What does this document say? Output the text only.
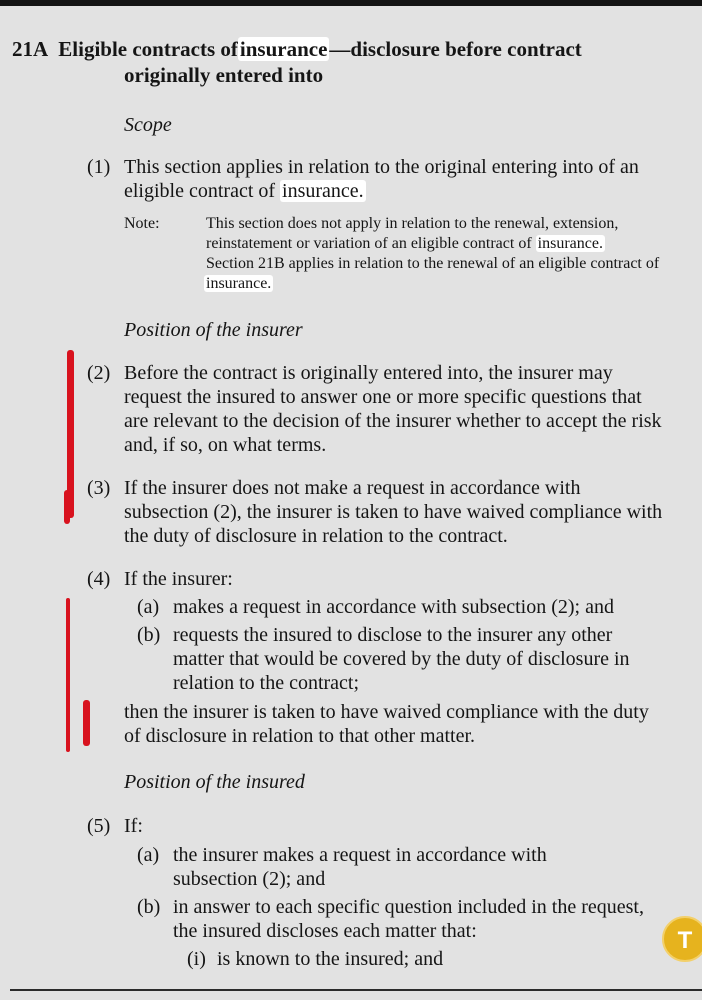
21A Eligible contracts ofinsurance—disclosure before contract
originally entered into
Scope
(1) This section applies in relation to the original entering into of an
eligible contract of insurance.
Note:	This section does not apply in relation to the renewal, extension,
reinstatement or variation of an eligible contract of insurance.
Section 21B applies in relation to the renewal of an eligible contract of
insurance.
Position of the insurer
(2) Before the contract is originally entered into, the insurer may
request the insured to answer one or more specific questions that
are relevant to the decision of the insurer whether to accept the risk
and, if so, on what terms.
(3) If the insurer does not make a request in accordance with
subsection (2), the insurer is taken to have waived compliance with
the duty of disclosure in relation to the contract.
(4) If the insurer:
(a) makes a request in accordance with subsection (2); and
(b) requests the insured to disclose to the insurer any other
matter that would be covered by the duty of disclosure in
relation to the contract;
then the insurer is taken to have waived compliance with the duty
of disclosure in relation to that other matter.
Position of the insured
(5) If:
(a) the insurer makes a request in accordance with
subsection (2); and
(b) in answer to each specific question included in the request,
the insured discloses each matter that:
(i) is known to the insured; and
T
